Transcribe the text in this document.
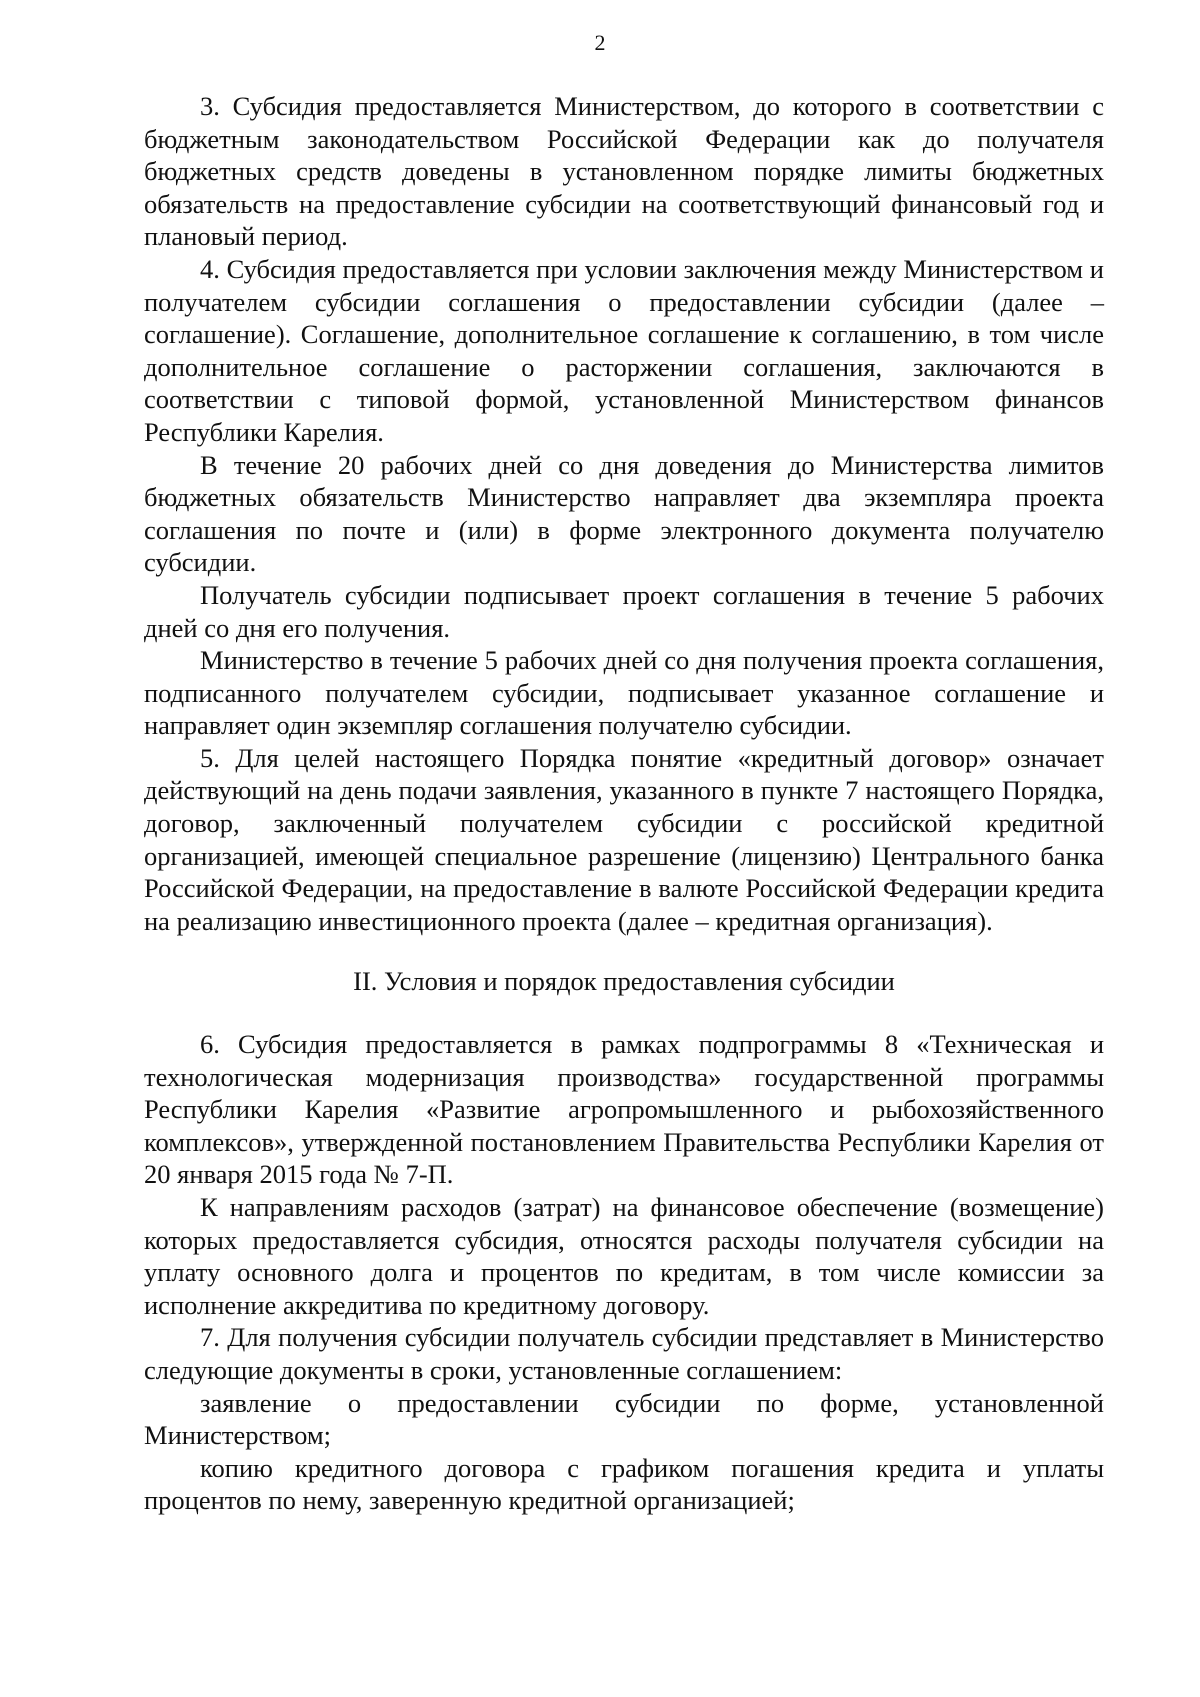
2

3. Субсидия предоставляется Министерством, до которого в соответствии с бюджетным законодательством Российской Федерации как до получателя бюджетных средств доведены в установленном порядке лимиты бюджетных обязательств на предоставление субсидии на соответствующий финансовый год и плановый период.

4. Субсидия предоставляется при условии заключения между Министерством и получателем субсидии соглашения о предоставлении субсидии (далее – соглашение). Соглашение, дополнительное соглашение к соглашению, в том числе дополнительное соглашение о расторжении соглашения, заключаются в соответствии с типовой формой, установленной Министерством финансов Республики Карелия.

В течение 20 рабочих дней со дня доведения до Министерства лимитов бюджетных обязательств Министерство направляет два экземпляра проекта соглашения по почте и (или) в форме электронного документа получателю субсидии.

Получатель субсидии подписывает проект соглашения в течение 5 рабочих дней со дня его получения.

Министерство в течение 5 рабочих дней со дня получения проекта соглашения, подписанного получателем субсидии, подписывает указанное соглашение и направляет один экземпляр соглашения получателю субсидии.

5. Для целей настоящего Порядка понятие «кредитный договор» означает действующий на день подачи заявления, указанного в пункте 7 настоящего Порядка, договор, заключенный получателем субсидии с российской кредитной организацией, имеющей специальное разрешение (лицензию) Центрального банка Российской Федерации, на предоставление в валюте Российской Федерации кредита на реализацию инвестиционного проекта (далее – кредитная организация).

II. Условия и порядок предоставления субсидии

6. Субсидия предоставляется в рамках подпрограммы 8 «Техническая и технологическая модернизация производства» государственной программы Республики Карелия «Развитие агропромышленного и рыбохозяйственного комплексов», утвержденной постановлением Правительства Республики Карелия от 20 января 2015 года № 7-П.

К направлениям расходов (затрат) на финансовое обеспечение (возмещение) которых предоставляется субсидия, относятся расходы получателя субсидии на уплату основного долга и процентов по кредитам, в том числе комиссии за исполнение аккредитива по кредитному договору.

7. Для получения субсидии получатель субсидии представляет в Министерство следующие документы в сроки, установленные соглашением:

заявление о предоставлении субсидии по форме, установленной Министерством;

копию кредитного договора с графиком погашения кредита и уплаты процентов по нему, заверенную кредитной организацией;
